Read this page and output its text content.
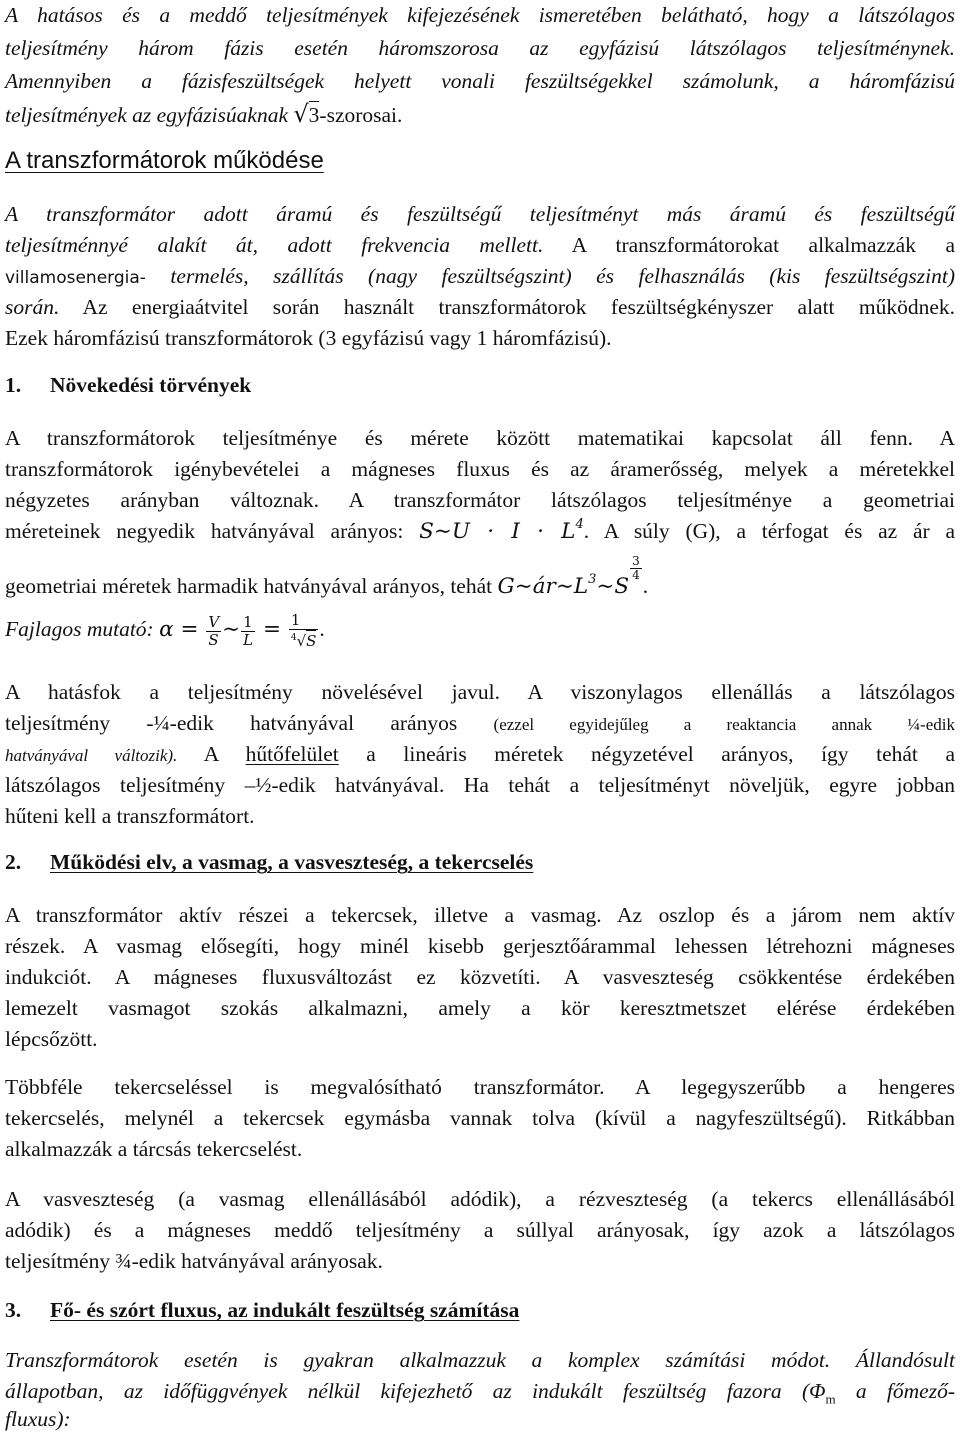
A hatásos és a meddő teljesítmények kifejezésének ismeretében belátható, hogy a látszólagos
teljesítmény három fázis esetén háromszorosa az egyfázisú látszólagos teljesítménynek.
Amennyiben a fázisfeszültségek helyett vonali feszültségekkel számolunk, a háromfázisú
teljesítmények az egyfázisúaknak √3-szorosai.
A transzformátorok működése
A transzformátor adott áramú és feszültségű teljesítményt más áramú és feszültségű
teljesítménnyé alakít át, adott frekvencia mellett. A transzformátorokat alkalmazzák a
villamosenergia- termelés, szállítás (nagy feszültségszint) és felhasználás (kis feszültségszint)
során. Az energiaátvitel során használt transzformátorok feszültségkényszer alatt működnek.
Ezek háromfázisú transzformátorok (3 egyfázisú vagy 1 háromfázisú).
1. Növekedési törvények
A transzformátorok teljesítménye és mérete között matematikai kapcsolat áll fenn. A
transzformátorok igénybevételei a mágneses fluxus és az áramerősség, melyek a méretekkel
négyzetes arányban változnak. A transzformátor látszólagos teljesítménye a geometriai
méreteinek negyedik hatványával arányos: S∼U · $I \cdot L^4$. A súly (G), a térfogat és az ár a
geometriai méretek harmadik hatványával arányos, tehát $G\sim ár\sim L^3\sim S$
$\frac{3}{4}$
.
Fajlagos mutató: $\alpha = \frac{V}{S}$ ∼ $\frac{1}{L} = \frac{1}{^4√S}$ .
A hatásfok a teljesítmény növelésével javul. A viszonylagos ellenállás a látszólagos
teljesítmény -¼-edik hatványával arányos (ezzel egyidejűleg a reaktancia annak ¼-edik
hatványával változik). A hűtőfelület a lineáris méretek négyzetével arányos, így tehát a
látszólagos teljesítmény –½-edik hatványával. Ha tehát a teljesítményt növeljük, egyre jobban
hűteni kell a transzformátort.
2. Működési elv, a vasmag, a vasveszteség, a tekercselés
A transzformátor aktív részei a tekercsek, illetve a vasmag. Az oszlop és a járom nem aktív
részek. A vasmag elősegíti, hogy minél kisebb gerjesztőárammal lehessen létrehozni mágneses
indukciót. A mágneses fluxusváltozást ez közvetíti. A vasveszteség csökkentése érdekében
lemezelt vasmagot szokás alkalmazni, amely a kör keresztmetszet elérése érdekében
lépcsőzött.
Többféle tekercseléssel is megvalósítható transzformátor. A legegyszerűbb a hengeres
tekercselés, melynél a tekercsek egymásba vannak tolva (kívül a nagyfeszültségű). Ritkábban
alkalmazzák a tárcsás tekercselést.
A vasveszteség (a vasmag ellenállásából adódik), a rézveszteség (a tekercs ellenállásából
adódik) és a mágneses meddő teljesítmény a súllyal arányosak, így azok a látszólagos
teljesítmény ¾-edik hatványával arányosak.
3. Fő- és szórt fluxus, az indukált feszültség számítása
Transzformátorok esetén is gyakran alkalmazzuk a komplex számítási módot. Állandósult
állapotban, az időfüggvények nélkül kifejezhető az indukált feszültség fazora ($\Phi_m$ a főmező-
fluxus):
